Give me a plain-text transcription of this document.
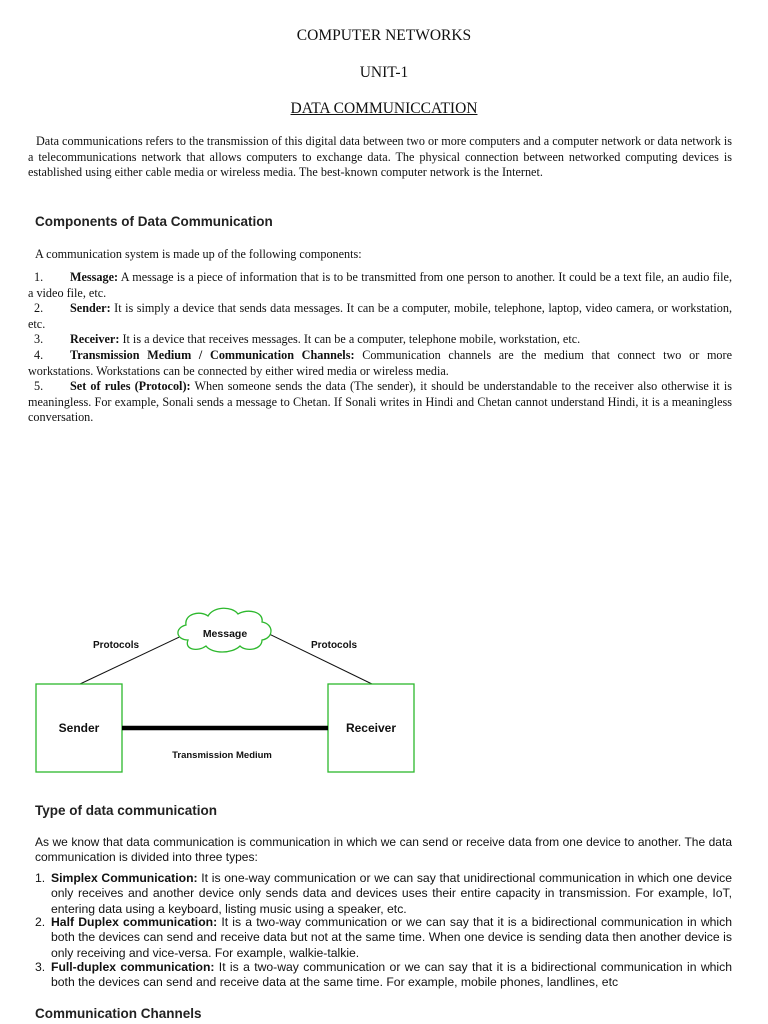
COMPUTER NETWORKS
UNIT-1
DATA COMMUNICCATION
Data communications refers to the transmission of this digital data between two or more computers and a computer network or data network is a telecommunications network that allows computers to exchange data. The physical connection between networked computing devices is established using either cable media or wireless media. The best-known computer network is the Internet.
Components of Data Communication
A communication system is made up of the following components:
1. Message: A message is a piece of information that is to be transmitted from one person to another. It could be a text file, an audio file, a video file, etc.
2. Sender: It is simply a device that sends data messages. It can be a computer, mobile, telephone, laptop, video camera, or workstation, etc.
3. Receiver: It is a device that receives messages. It can be a computer, telephone mobile, workstation, etc.
4. Transmission Medium / Communication Channels: Communication channels are the medium that connect two or more workstations. Workstations can be connected by either wired media or wireless media.
5. Set of rules (Protocol): When someone sends the data (The sender), it should be understandable to the receiver also otherwise it is meaningless. For example, Sonali sends a message to Chetan. If Sonali writes in Hindi and Chetan cannot understand Hindi, it is a meaningless conversation.
Message
Protocols	Protocols
Sender	Receiver
Transmission Medium
Type of data communication
As we know that data communication is communication in which we can send or receive data from one device to another. The data communication is divided into three types:
1. Simplex Communication: It is one-way communication or we can say that unidirectional communication in which one device only receives and another device only sends data and devices uses their entire capacity in transmission. For example, IoT, entering data using a keyboard, listing music using a speaker, etc.
2. Half Duplex communication: It is a two-way communication or we can say that it is a bidirectional communication in which both the devices can send and receive data but not at the same time. When one device is sending data then another device is only receiving and vice-versa. For example, walkie-talkie.
3. Full-duplex communication: It is a two-way communication or we can say that it is a bidirectional communication in which both the devices can send and receive data at the same time. For example, mobile phones, landlines, etc
Communication Channels
